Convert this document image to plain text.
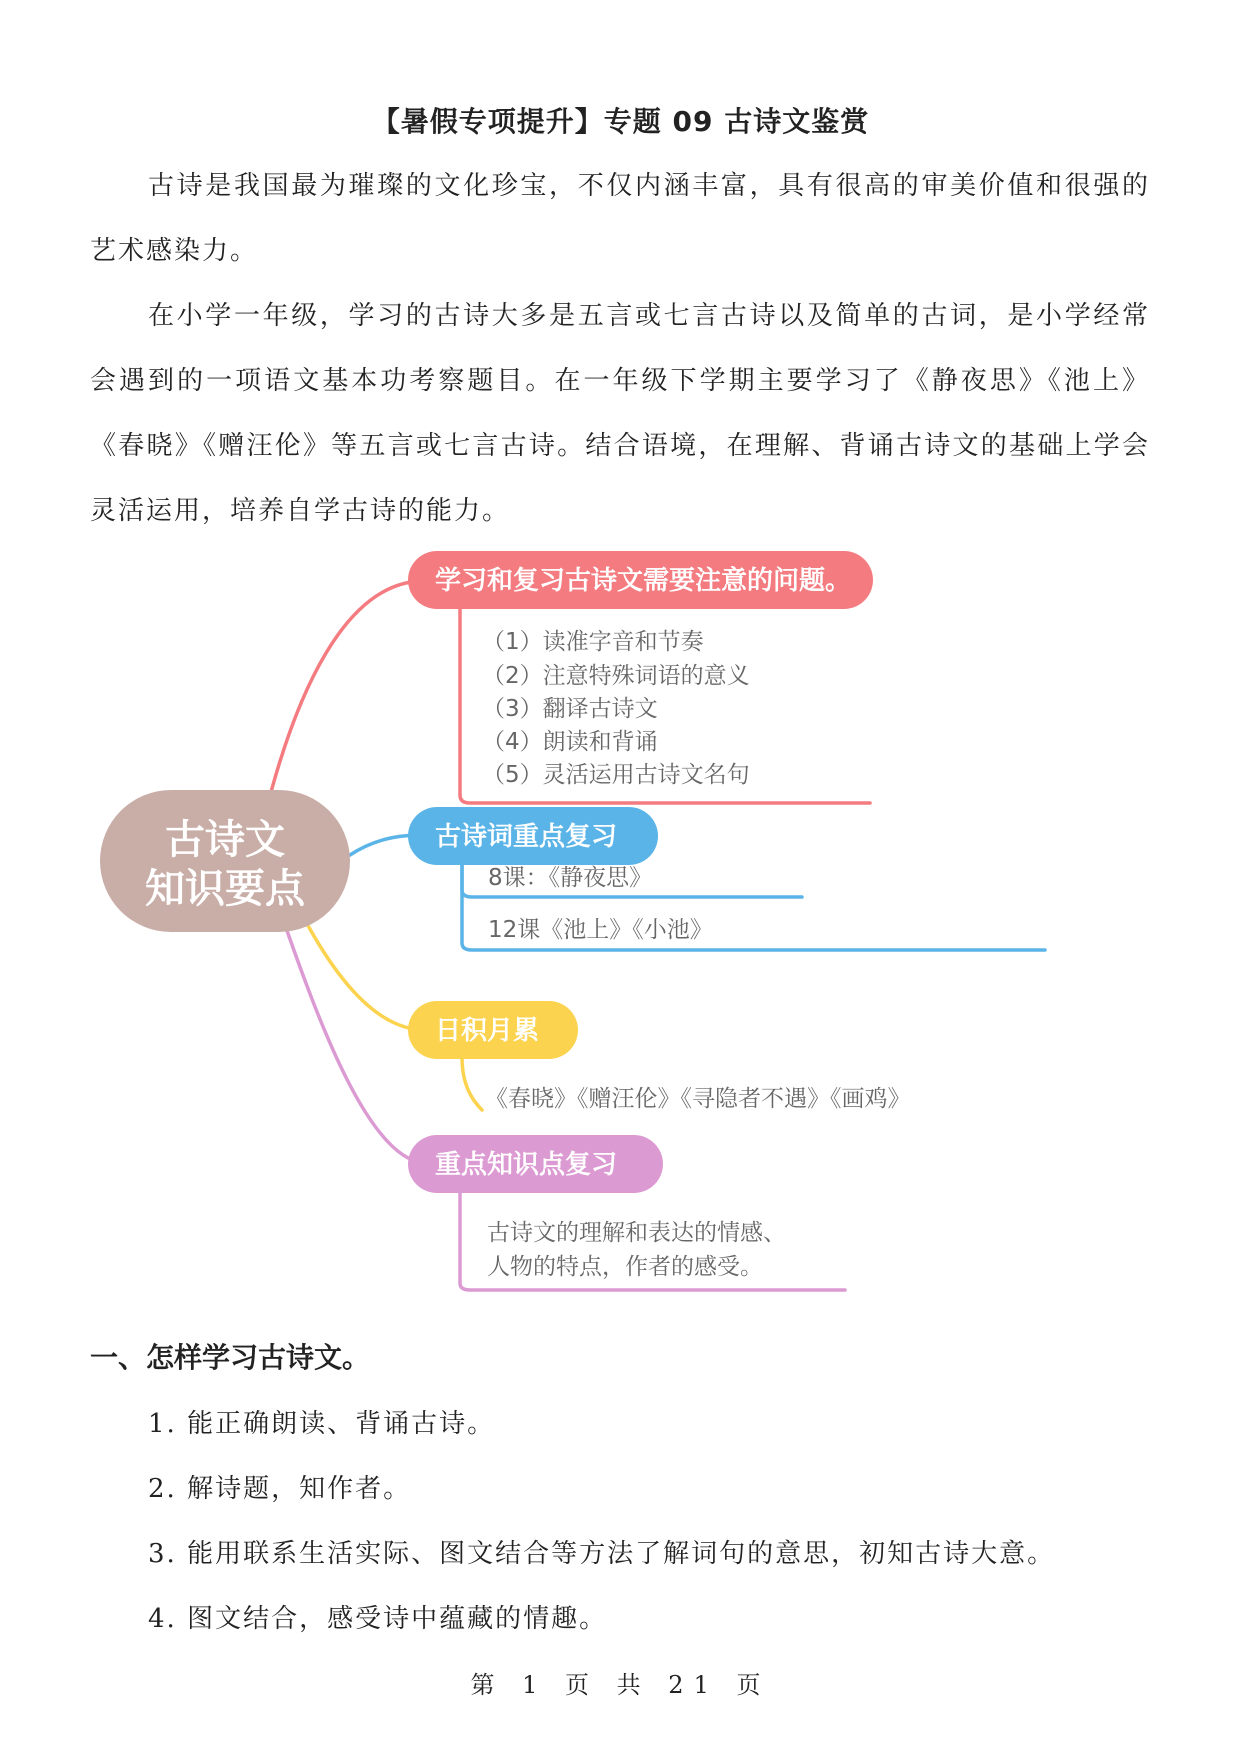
【暑假专项提升】专题 09 古诗文鉴赏

古诗是我国最为璀璨的文化珍宝，不仅内涵丰富，具有很高的审美价值和很强的艺术感染力。

在小学一年级，学习的古诗大多是五言或七言古诗以及简单的古词，是小学经常会遇到的一项语文基本功考察题目。在一年级下学期主要学习了《静夜思》《池上》《春晓》《赠汪伦》等五言或七言古诗。结合语境，在理解、背诵古诗文的基础上学会灵活运用，培养自学古诗的能力。

古诗文
知识要点
学习和复习古诗文需要注意的问题。
（1）读准字音和节奏
（2）注意特殊词语的意义
（3）翻译古诗文
（4）朗读和背诵
（5）灵活运用古诗文名句
古诗词重点复习
8课：《静夜思》
12课《池上》《小池》
日积月累
《春晓》《赠汪伦》《寻隐者不遇》《画鸡》
重点知识点复习
古诗文的理解和表达的情感、
人物的特点，作者的感受。
一、怎样学习古诗文。
1. 能正确朗读、背诵古诗。
2. 解诗题，知作者。
3. 能用联系生活实际、图文结合等方法了解词句的意思，初知古诗大意。
4. 图文结合，感受诗中蕴藏的情趣。
第 1 页 共 21 页
